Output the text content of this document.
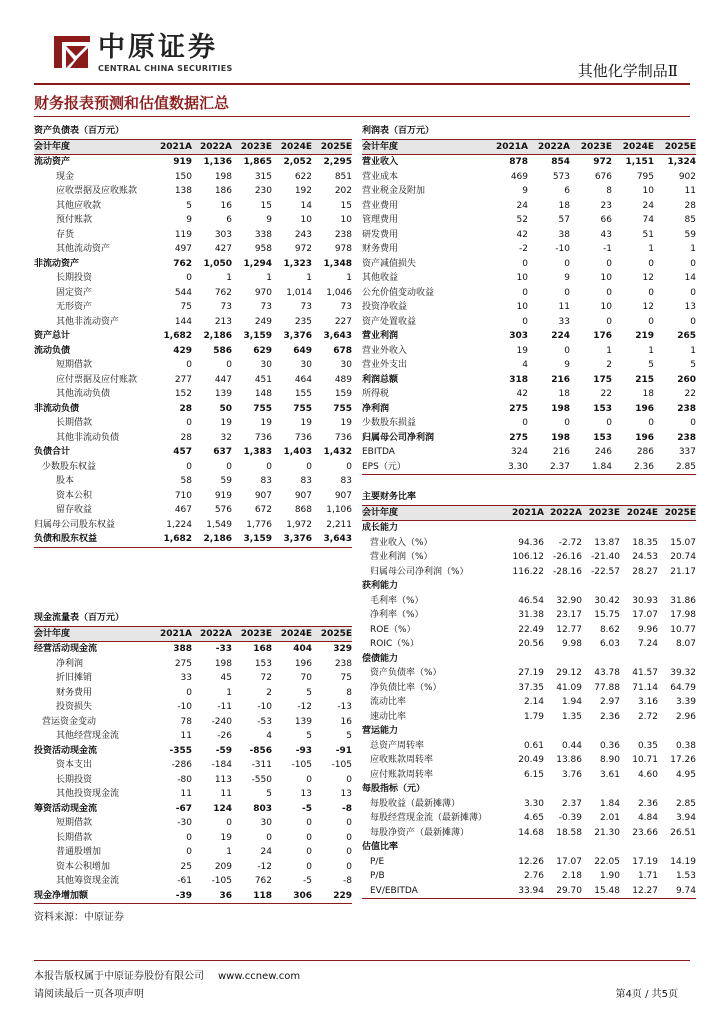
中原证券
CENTRAL CHINA SECURITIES	其他化学制品Ⅱ
财务报表预测和估值数据汇总
资产负债表（百万元）					
会计年度	2021A	2022A	2023E	2024E	2025E
流动资产	919	1,136	1,865	2,052	2,295
现金	150	198	315	622	851
应收票据及应收账款	138	186	230	192	202
其他应收款	5	16	15	14	15
预付账款	9	6	9	10	10
存货	119	303	338	243	238
其他流动资产	497	427	958	972	978
非流动资产	762	1,050	1,294	1,323	1,348
长期投资	0	1	1	1	1
固定资产	544	762	970	1,014	1,046
无形资产	75	73	73	73	73
其他非流动资产	144	213	249	235	227
资产总计	1,682	2,186	3,159	3,376	3,643
流动负债	429	586	629	649	678
短期借款	0	0	30	30	30
应付票据及应付账款	277	447	451	464	489
其他流动负债	152	139	148	155	159
非流动负债	28	50	755	755	755
长期借款	0	19	19	19	19
其他非流动负债	28	32	736	736	736
负债合计	457	637	1,383	1,403	1,432
少数股东权益	0	0	0	0	0
股本	58	59	83	83	83
资本公积	710	919	907	907	907
留存收益	467	576	672	868	1,106
归属母公司股东权益	1,224	1,549	1,776	1,972	2,211
负债和股东权益	1,682	2,186	3,159	3,376	3,643
现金流量表（百万元）					
会计年度	2021A	2022A	2023E	2024E	2025E
经营活动现金流	388	-33	168	404	329
净利润	275	198	153	196	238
折旧摊销	33	45	72	70	75
财务费用	0	1	2	5	8
投资损失	-10	-11	-10	-12	-13
营运资金变动	78	-240	-53	139	16
其他经营现金流	11	-26	4	5	5
投资活动现金流	-355	-59	-856	-93	-91
资本支出	-286	-184	-311	-105	-105
长期投资	-80	113	-550	0	0
其他投资现金流	11	11	5	13	13
筹资活动现金流	-67	124	803	-5	-8
短期借款	-30	0	30	0	0
长期借款	0	19	0	0	0
普通股增加	0	1	24	0	0
资本公积增加	25	209	-12	0	0
其他筹资现金流	-61	-105	762	-5	-8
现金净增加额	-39	36	118	306	229
利润表（百万元）					
会计年度	2021A	2022A	2023E	2024E	2025E
营业收入	878	854	972	1,151	1,324
营业成本	469	573	676	795	902
营业税金及附加	9	6	8	10	11
营业费用	24	18	23	24	28
管理费用	52	57	66	74	85
研发费用	42	38	43	51	59
财务费用	-2	-10	-1	1	1
资产减值损失	0	0	0	0	0
其他收益	10	9	10	12	14
公允价值变动收益	0	0	0	0	0
投资净收益	10	11	10	12	13
资产处置收益	0	33	0	0	0
营业利润	303	224	176	219	265
营业外收入	19	0	1	1	1
营业外支出	4	9	2	5	5
利润总额	318	216	175	215	260
所得税	42	18	22	18	22
净利润	275	198	153	196	238
少数股东损益	0	0	0	0	0
归属母公司净利润	275	198	153	196	238
EBITDA	324	216	246	286	337
EPS（元）	3.30	2.37	1.84	2.36	2.85
主要财务比率					
会计年度	2021A	2022A	2023E	2024E	2025E
成长能力					
营业收入（%）	94.36	-2.72	13.87	18.35	15.07
营业利润（%）	106.12	-26.16	-21.40	24.53	20.74
归属母公司净利润（%）	116.22	-28.16	-22.57	28.27	21.17
获利能力					
毛利率（%）	46.54	32.90	30.42	30.93	31.86
净利率（%）	31.38	23.17	15.75	17.07	17.98
ROE（%）	22.49	12.77	8.62	9.96	10.77
ROIC（%）	20.56	9.98	6.03	7.24	8.07
偿债能力					
资产负债率（%）	27.19	29.12	43.78	41.57	39.32
净负债比率（%）	37.35	41.09	77.88	71.14	64.79
流动比率	2.14	1.94	2.97	3.16	3.39
速动比率	1.79	1.35	2.36	2.72	2.96
营运能力					
总资产周转率	0.61	0.44	0.36	0.35	0.38
应收账款周转率	20.49	13.86	8.90	10.71	17.26
应付账款周转率	6.15	3.76	3.61	4.60	4.95
每股指标（元）					
每股收益（最新摊薄）	3.30	2.37	1.84	2.36	2.85
每股经营现金流（最新摊薄）	4.65	-0.39	2.01	4.84	3.94
每股净资产（最新摊薄）	14.68	18.58	21.30	23.66	26.51
估值比率					
P/E	12.26	17.07	22.05	17.19	14.19
P/B	2.76	2.18	1.90	1.71	1.53
EV/EBITDA	33.94	29.70	15.48	12.27	9.74
资料来源：中原证券
本报告版权属于中原证券股份有限公司 www.ccnew.com
请阅读最后一页各项声明	第4页 / 共5页
